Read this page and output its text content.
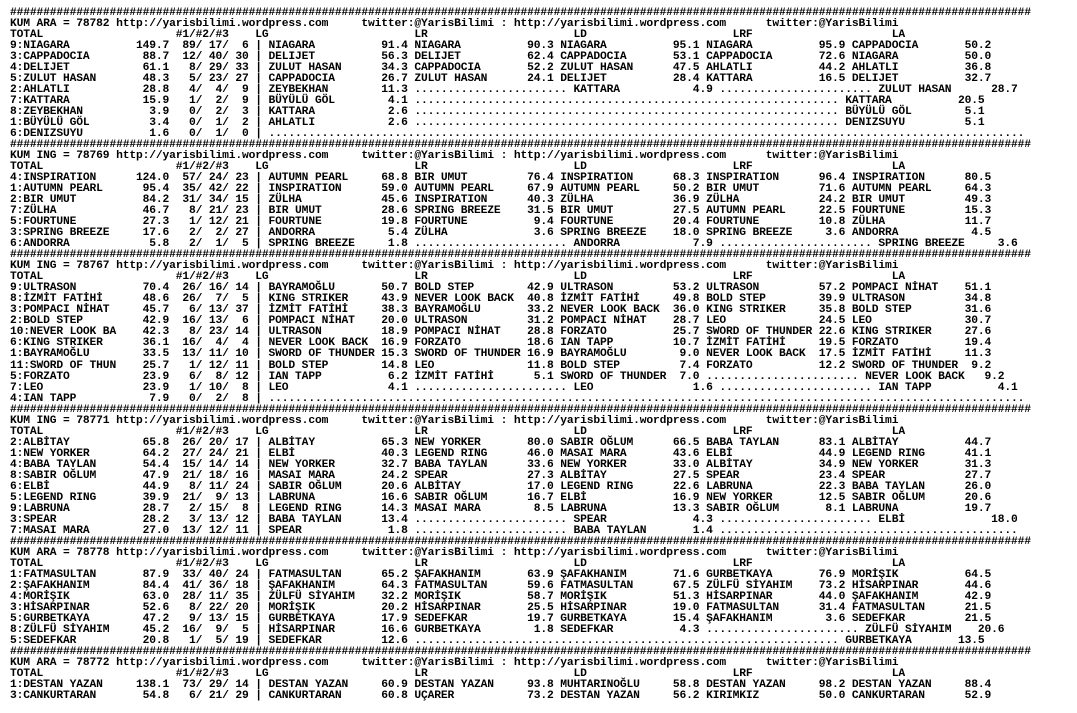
##########################################################################################################################################################
KUM ARA = 78782 http://yarisbilimi.wordpress.com     twitter:@YarisBilimi : http://yarisbilimi.wordpress.com      twitter:@YarisBilimi
TOTAL                    #1/#2/#3    LG                      LR                      LD                      LRF                     LA
9:NIAGARA          149.7  89/ 17/  6 | NIAGARA          91.4 NIAGARA          90.3 NIAGARA          95.1 NIAGARA          95.9 CAPPADOCIA       50.2
3:CAPPADOCIA        88.7  12/ 40/ 30 | DELIJET          56.3 DELIJET          62.4 CAPPADOCIA       53.1 CAPPADOCIA       72.6 NIAGARA          50.0
4:DELIJET           61.1   8/ 29/ 33 | ZULUT HASAN      34.3 CAPPADOCIA       52.2 ZULUT HASAN      47.5 AHLATLI          44.2 AHLATLI          36.8
5:ZULUT HASAN       48.3   5/ 23/ 27 | CAPPADOCIA       26.7 ZULUT HASAN      24.1 DELIJET          28.4 KATTARA          16.5 DELIJET          32.7
2:AHLATLI           28.8   4/  4/  9 | ZEYBEKHAN        11.3 ....................... KATTARA           4.9 ....................... ZULUT HASAN      28.7
7:KATTARA           15.9   1/  2/  9 | BÜYÜLÜ GÖL        4.1 ................................................................ KATTARA          20.5
8:ZEYBEKHAN          3.9   0/  2/  3 | KATTARA           2.6 ................................................................ BÜYÜLÜ GÖL        5.1
1:BÜYÜLÜ GÖL         3.4   0/  1/  2 | AHLATLI           2.6 ................................................................ DENIZSUYU         5.1
6:DENIZSUYU          1.6   0/  1/  0 | ..................................................................................................................
##########################################################################################################################################################
KUM ING = 78769 http://yarisbilimi.wordpress.com     twitter:@YarisBilimi : http://yarisbilimi.wordpress.com      twitter:@YarisBilimi
TOTAL                    #1/#2/#3    LG                      LR                      LD                      LRF                     LA
4:INSPIRATION      124.0  57/ 24/ 23 | AUTUMN PEARL     68.8 BIR UMUT         76.4 INSPIRATION      68.3 INSPIRATION      96.4 INSPIRATION      80.5
1:AUTUMN PEARL      95.4  35/ 42/ 22 | INSPIRATION      59.0 AUTUMN PEARL     67.9 AUTUMN PEARL     50.2 BIR UMUT         71.6 AUTUMN PEARL     64.3
2:BIR UMUT          84.2  31/ 34/ 15 | ZÜLHA            45.6 INSPIRATION      40.3 ZÜLHA            36.9 ZÜLHA            24.2 BIR UMUT         49.3
7:ZÜLHA             46.7   8/ 21/ 23 | BIR UMUT         28.6 SPRING BREEZE    31.5 BIR UMUT         27.5 AUTUMN PEARL     22.5 FOURTUNE         15.3
5:FOURTUNE          27.3   1/ 12/ 21 | FOURTUNE         19.8 FOURTUNE          9.4 FOURTUNE         20.4 FOURTUNE         10.8 ZÜLHA            11.7
3:SPRING BREEZE     17.6   2/  2/ 27 | ANDORRA           5.4 ZÜLHA             3.6 SPRING BREEZE    18.0 SPRING BREEZE     3.6 ANDORRA           4.5
6:ANDORRA            5.8   2/  1/  5 | SPRING BREEZE     1.8 ....................... ANDORRA           7.9 ....................... SPRING BREEZE     3.6
##########################################################################################################################################################
KUM ING = 78767 http://yarisbilimi.wordpress.com     twitter:@YarisBilimi : http://yarisbilimi.wordpress.com      twitter:@YarisBilimi
TOTAL                    #1/#2/#3    LG                      LR                      LD                      LRF                     LA
9:ULTRASON          70.4  26/ 16/ 14 | BAYRAMOĞLU       50.7 BOLD STEP        42.9 ULTRASON         53.2 ULTRASON         57.2 POMPACI NİHAT    51.1
8:İZMİT FATİHİ      48.6  26/  7/  5 | KING STRIKER     43.9 NEVER LOOK BACK  40.8 İZMİT FATİHİ     49.8 BOLD STEP        39.9 ULTRASON         34.8
3:POMPACI NİHAT     45.7   6/ 13/ 37 | İZMİT FATİHİ     38.3 BAYRAMOĞLU       33.2 NEVER LOOK BACK  36.0 KING STRIKER     35.8 BOLD STEP        31.6
2:BOLD STEP         42.9  16/ 13/  6 | POMPACI NİHAT    20.0 ULTRASON         31.2 POMPACI NİHAT    28.7 LEO              24.5 LEO              30.7
10:NEVER LOOK BA    42.3   8/ 23/ 14 | ULTRASON         18.9 POMPACI NİHAT    28.8 FORZATO          25.7 SWORD OF THUNDER 22.6 KING STRIKER     27.6
6:KING STRIKER      36.1  16/  4/  4 | NEVER LOOK BACK  16.9 FORZATO          18.6 IAN TAPP         10.7 İZMİT FATİHİ     19.5 FORZATO          19.4
1:BAYRAMOĞLU        33.5  13/ 11/ 10 | SWORD OF THUNDER 15.3 SWORD OF THUNDER 16.9 BAYRAMOĞLU        9.0 NEVER LOOK BACK  17.5 İZMİT FATİHİ     11.3
11:SWORD OF THUN    25.7   1/ 12/ 11 | BOLD STEP        14.8 LEO              11.8 BOLD STEP         7.4 FORZATO          12.2 SWORD OF THUNDER  9.2
5:FORZATO           23.9   6/  8/ 12 | IAN TAPP          6.2 İZMİT FATİHİ      5.1 SWORD OF THUNDER  7.0 ....................... NEVER LOOK BACK   9.2
7:LEO               23.9   1/ 10/  8 | LEO               4.1 ....................... LEO               1.6 ....................... IAN TAPP          4.1
4:IAN TAPP           7.9   0/  2/  8 | ..................................................................................................................
##########################################################################################################################################################
KUM ING = 78771 http://yarisbilimi.wordpress.com     twitter:@YarisBilimi : http://yarisbilimi.wordpress.com      twitter:@YarisBilimi
TOTAL                    #1/#2/#3    LG                      LR                      LD                      LRF                     LA
2:ALBİTAY           65.8  26/ 20/ 17 | ALBİTAY          65.3 NEW YORKER       80.0 SABIR OĞLUM      66.5 BABA TAYLAN      83.1 ALBİTAY          44.7
1:NEW YORKER        64.2  27/ 24/ 21 | ELBİ             40.3 LEGEND RING      46.0 MASAI MARA       43.6 ELBİ             44.9 LEGEND RING      41.1
4:BABA TAYLAN       54.4  15/ 14/ 14 | NEW YORKER       32.7 BABA TAYLAN      33.6 NEW YORKER       33.0 ALBİTAY          34.9 NEW YORKER       31.3
8:SABIR OĞLUM       47.9  21/ 18/ 16 | MASAI MARA       24.2 SPEAR            27.3 ALBİTAY          27.5 SPEAR            23.4 SPEAR            27.7
6:ELBİ              44.9   8/ 11/ 24 | SABIR OĞLUM      20.6 ALBİTAY          17.0 LEGEND RING      22.6 LABRUNA          22.3 BABA TAYLAN      26.0
5:LEGEND RING       39.9  21/  9/ 13 | LABRUNA          16.6 SABIR OĞLUM      16.7 ELBİ             16.9 NEW YORKER       12.5 SABIR OĞLUM      20.6
9:LABRUNA           28.7   2/ 15/  8 | LEGEND RING      14.3 MASAI MARA        8.5 LABRUNA          13.3 SABIR OĞLUM       8.1 LABRUNA          19.7
3:SPEAR             28.2   3/ 13/ 12 | BABA TAYLAN      13.4 ....................... SPEAR             4.3 ....................... ELBİ             18.0
7:MASAI MARA        27.0  13/ 12/ 11 | SPEAR             1.8 ....................... BABA TAYLAN       1.4 .............................................
##########################################################################################################################################################
KUM ARA = 78778 http://yarisbilimi.wordpress.com     twitter:@YarisBilimi : http://yarisbilimi.wordpress.com      twitter:@YarisBilimi
TOTAL                    #1/#2/#3    LG                      LR                      LD                      LRF                     LA
1:FATMASULTAN       87.9  33/ 40/ 24 | FATMASULTAN      65.2 ŞAFAKHANIM       63.9 ŞAFAKHANIM       71.6 GURBETKAYA       76.9 MORİŞIK          64.5
2:ŞAFAKHANIM        84.4  41/ 36/ 18 | ŞAFAKHANIM       64.3 FATMASULTAN      59.6 FATMASULTAN      67.5 ZÜLFÜ SİYAHIM    73.2 HİSARPINAR       44.6
4:MORİŞIK           63.0  28/ 11/ 35 | ZÜLFÜ SİYAHIM    32.2 MORİŞIK          58.7 MORİŞIK          51.3 HİSARPINAR       44.0 ŞAFAKHANIM       42.9
3:HİSARPINAR        52.6   8/ 22/ 20 | MORİŞIK          20.2 HİSARPINAR       25.5 HİSARPINAR       19.0 FATMASULTAN      31.4 FATMASULTAN      21.5
5:GURBETKAYA        47.2   9/ 13/ 15 | GURBETKAYA       17.9 SEDEFKAR         19.7 GURBETKAYA       15.4 ŞAFAKHANIM        3.6 SEDEFKAR         21.5
8:ZÜLFÜ SİYAHIM     45.2  16/  9/  5 | HİSARPINAR       16.6 GURBETKAYA        1.8 SEDEFKAR          4.3 ....................... ZÜLFÜ SİYAHIM    20.6
5:SEDEFKAR          20.8   1/  5/ 19 | SEDEFKAR         12.6 ................................................................ GURBETKAYA       13.5
##########################################################################################################################################################
KUM ARA = 78772 http://yarisbilimi.wordpress.com     twitter:@YarisBilimi : http://yarisbilimi.wordpress.com      twitter:@YarisBilimi
TOTAL                    #1/#2/#3    LG                      LR                      LD                      LRF                     LA
1:DESTAN YAZAN     138.1  73/ 29/ 14 | DESTAN YAZAN     60.9 DESTAN YAZAN     93.8 MUHTARINOĞLU     58.8 DESTAN YAZAN     98.2 DESTAN YAZAN     88.4
3:CANKURTARAN       54.8   6/ 21/ 29 | CANKURTARAN      60.8 UÇARER           73.2 DESTAN YAZAN     56.2 KIRIMKIZ         50.0 CANKURTARAN      52.9
